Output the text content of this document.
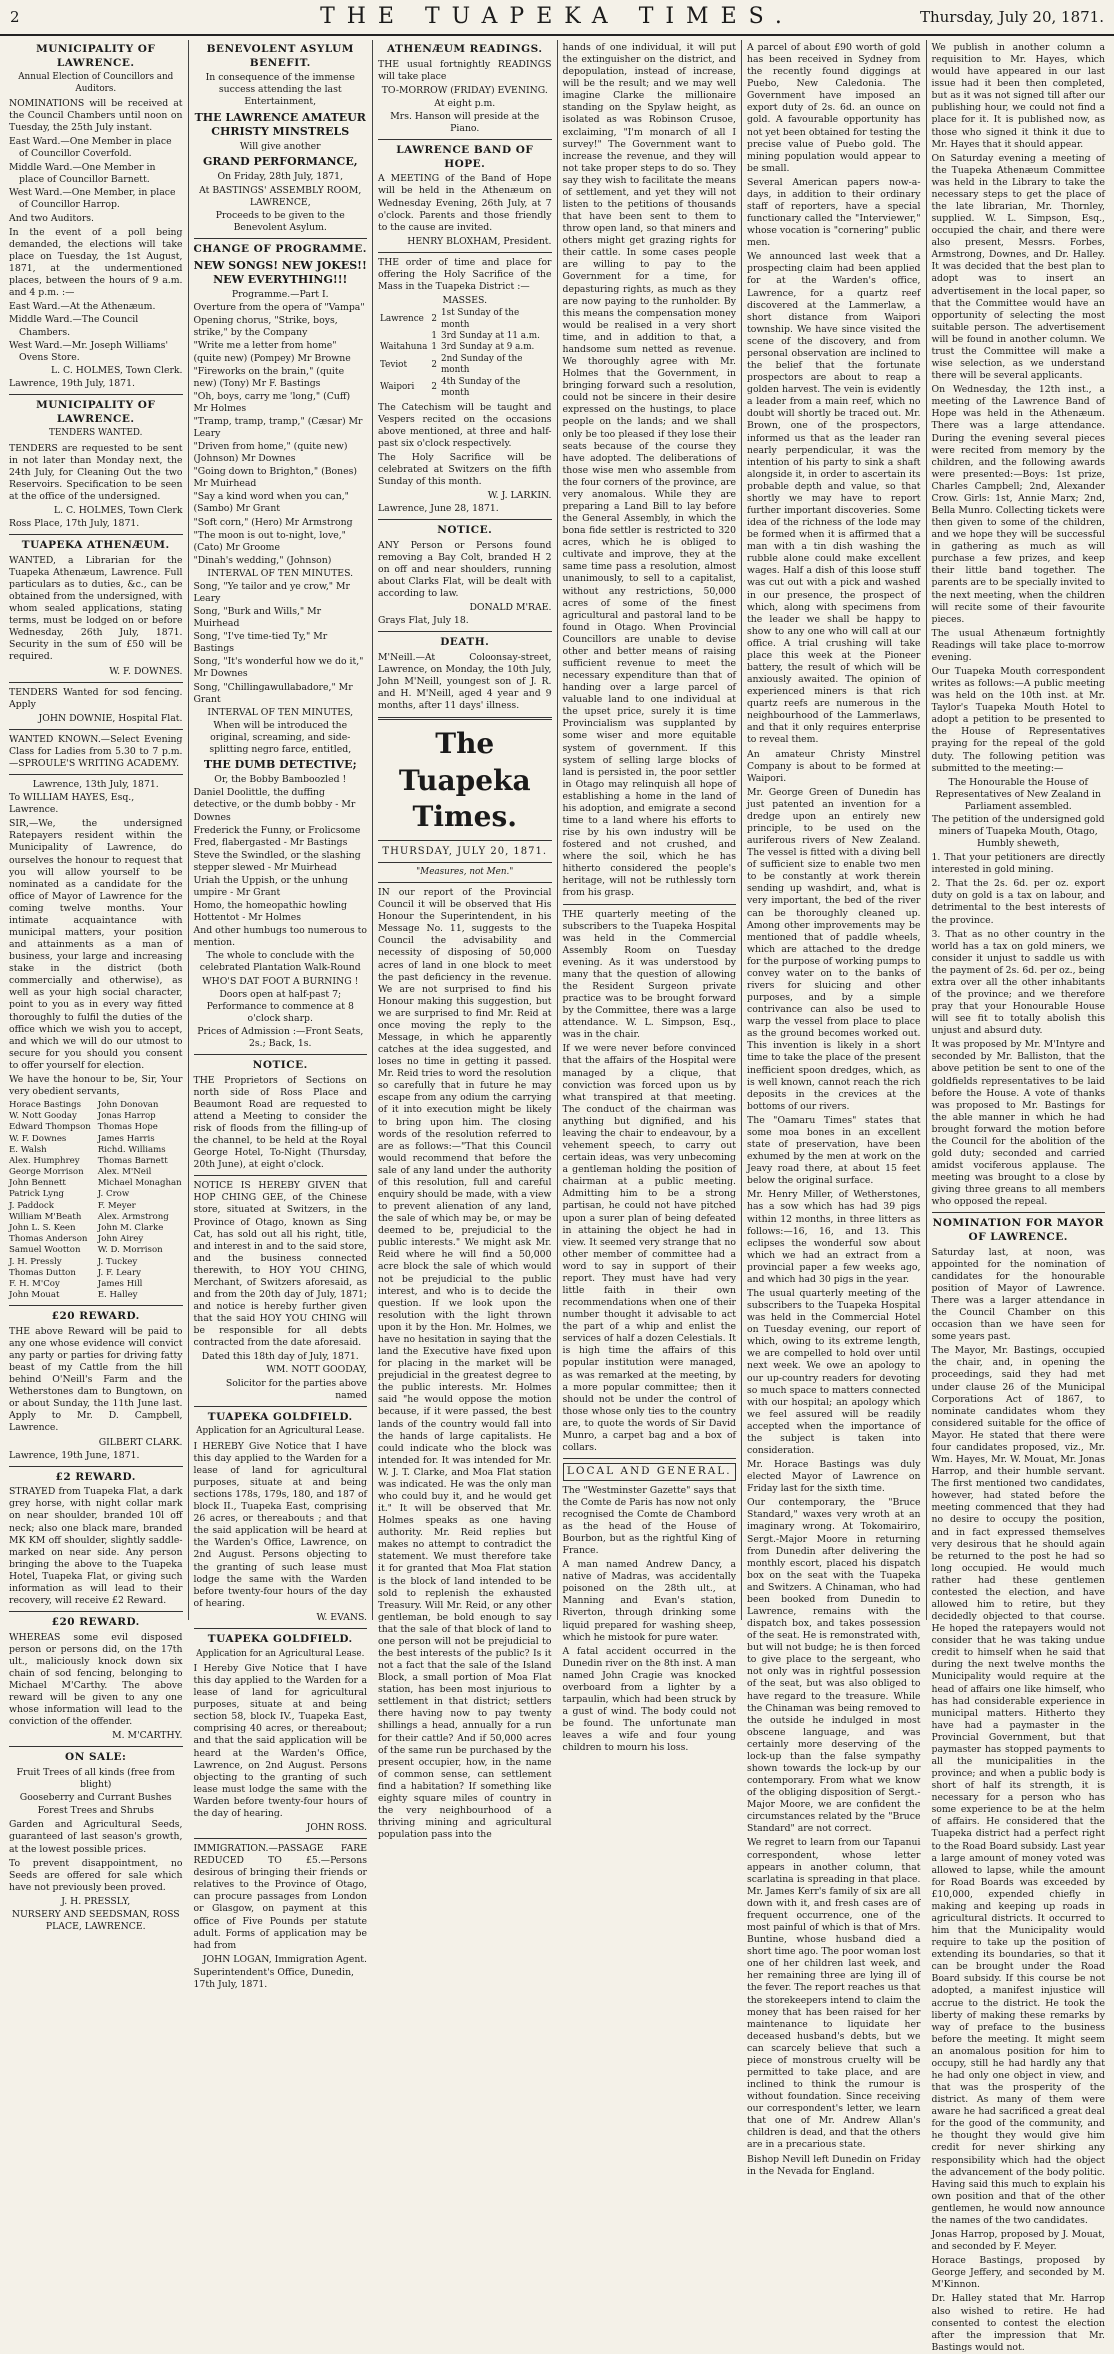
2	THE TUAPEKA TIMES.	Thursday, July 20, 1871.
MUNICIPALITY OF LAWRENCE.
Annual Election of Councillors and Auditors.

NOMINATIONS will be received at the Council Chambers until noon on Tuesday, the 25th July instant.

East Ward.—One Member in place of Councillor Coverfold.
Middle Ward.—One Member in place of Councillor Barnett.
West Ward.—One Member, in place of Councillor Harrop.

And two Auditors.

In the event of a poll being demanded, the elections will take place on Tuesday, the 1st August, 1871, at the undermentioned places, between the hours of 9 a.m. and 4 p.m. :—

East Ward.—At the Athenæum.
Middle Ward.—The Council Chambers.
West Ward.—Mr. Joseph Williams' Ovens Store.
L. C. HOLMES, Town Clerk.
Lawrence, 19th July, 1871.
MUNICIPALITY OF LAWRENCE.
TENDERS WANTED.

TENDERS are requested to be sent in not later than Monday next, the 24th July, for Cleaning Out the two Reservoirs. Specification to be seen at the office of the undersigned.

L. C. HOLMES, Town Clerk
Ross Place, 17th July, 1871.
TUAPEKA ATHENÆUM.

WANTED, a Librarian for the Tuapeka Athenæum, Lawrence. Full particulars as to duties, &c., can be obtained from the undersigned, with whom sealed applications, stating terms, must be lodged on or before Wednesday, 26th July, 1871. Security in the sum of £50 will be required.

W. F. DOWNES.

TENDERS Wanted for sod fencing. Apply

JOHN DOWNIE, Hospital Flat.

WANTED KNOWN.—Select Evening Class for Ladies from 5.30 to 7 p.m.—SPROULE'S WRITING ACADEMY.

Lawrence, 13th July, 1871.
To WILLIAM HAYES, Esq., Lawrence.

SIR,—We, the undersigned Ratepayers resident within the Municipality of Lawrence, do ourselves the honour to request that you will allow yourself to be nominated as a candidate for the office of Mayor of Lawrence for the coming twelve months. Your intimate acquaintance with municipal matters, your position and attainments as a man of business, your large and increasing stake in the district (both commercially and otherwise), as well as your high social character, point to you as in every way fitted thoroughly to fulfil the duties of the office which we wish you to accept, and which we will do our utmost to secure for you should you consent to offer yourself for election.

We have the honour to be, Sir, Your very obedient servants,

Horace Bastings	John Donovan
W. Nott Gooday	Jonas Harrop
Edward Thompson Thomas Hope
W. F. Downes	James Harris
E. Walsh	Richd. Williams
Alex. Humphrey	Thomas Barnett
George Morrison	Alex. M'Neil
John Bennett	Michael Monaghan
Patrick Lyng	J. Crow
J. Paddock	F. Meyer
William M'Beath	Alex. Armstrong
John L. S. Keen	John M. Clarke
Thomas Anderson	John Airey
Samuel Wootton	W. D. Morrison
J. H. Pressly	J. Tuckey
Thomas Dutton	J. F. Leary
F. H. M'Coy	James Hill
John Mouat	E. Halley
£20 REWARD.

THE above Reward will be paid to any one whose evidence will convict any party or parties for driving fatty beast of my Cattle from the hill behind O'Neill's Farm and the Wetherstones dam to Bungtown, on or about Sunday, the 11th June last. Apply to Mr. D. Campbell, Lawrence.

GILBERT CLARK.
Lawrence, 19th June, 1871.
£2 REWARD.

STRAYED from Tuapeka Flat, a dark grey horse, with night collar mark on near shoulder, branded 10l off neck; also one black mare, branded MK KM off shoulder, slightly saddle-marked on near side. Any person bringing the above to the Tuapeka Hotel, Tuapeka Flat, or giving such information as will lead to their recovery, will receive £2 Reward.

£20 REWARD.

WHEREAS some evil disposed person or persons did, on the 17th ult., maliciously knock down six chain of sod fencing, belonging to Michael M'Carthy. The above reward will be given to any one whose information will lead to the conviction of the offender.

M. M'CARTHY.
ON SALE:
Fruit Trees of all kinds (free from blight)
Gooseberry and Currant Bushes
Forest Trees and Shrubs

Garden and Agricultural Seeds, guaranteed of last season's growth, at the lowest possible prices.

To prevent disappointment, no Seeds are offered for sale which have not previously been proved.

J. H. PRESSLY,
NURSERY AND SEEDSMAN, ROSS PLACE, LAWRENCE.
BENEVOLENT ASYLUM BENEFIT.
In consequence of the immense success attending the last Entertainment,
THE LAWRENCE AMATEUR CHRISTY MINSTRELS
Will give another
GRAND PERFORMANCE,
On Friday, 28th July, 1871,
At BASTINGS' ASSEMBLY ROOM, LAWRENCE,
Proceeds to be given to the Benevolent Asylum.
CHANGE OF PROGRAMME.
NEW SONGS! NEW JOKES!! NEW EVERYTHING!!!
Programme.—Part I.
Overture from the opera of "Vampa"
Opening chorus, "Strike, boys, strike," by the Company
"Write me a letter from home" (quite new) (Pompey) Mr Browne
"Fireworks on the brain," (quite new) (Tony) Mr F. Bastings
"Oh, boys, carry me 'long," (Cuff) Mr Holmes
"Tramp, tramp, tramp," (Cæsar) Mr Leary
"Driven from home," (quite new) (Johnson) Mr Downes
"Going down to Brighton," (Bones) Mr Muirhead
"Say a kind word when you can," (Sambo) Mr Grant
"Soft corn," (Hero) Mr Armstrong
"The moon is out to-night, love," (Cato) Mr Groome
"Dinah's wedding," (Johnson)
INTERVAL OF TEN MINUTES.
Song, "Ye tailor and ye crow," Mr Leary
Song, "Burk and Wills," Mr Muirhead
Song, "I've time-tied Ty," Mr Bastings
Song, "It's wonderful how we do it," Mr Downes
Song, "Chillingawullabadore," Mr Grant
INTERVAL OF TEN MINUTES,
When will be introduced the original, screaming, and side-splitting negro farce, entitled,
THE DUMB DETECTIVE;
Or, the Bobby Bamboozled !
Daniel Doolittle, the duffing detective, or the dumb bobby - Mr Downes
Frederick the Funny, or Frolicsome Fred, flabergasted - Mr Bastings
Steve the Swindled, or the slashing stepper slewed - Mr Muirhead
Uriah the Uppish, or the unhung umpire - Mr Grant
Homo, the homeopathic howling Hottentot - Mr Holmes
And other humbugs too numerous to mention.
The whole to conclude with the celebrated Plantation Walk-Round
WHO'S DAT FOOT A BURNING !
Doors open at half-past 7; Performance to commence at 8 o'clock sharp.
Prices of Admission :—Front Seats, 2s.; Back, 1s.
NOTICE.

THE Proprietors of Sections on north side of Ross Place and Beaumont Road are requested to attend a Meeting to consider the risk of floods from the filling-up of the channel, to be held at the Royal George Hotel, To-Night (Thursday, 20th June), at eight o'clock.

NOTICE IS HEREBY GIVEN that HOP CHING GEE, of the Chinese store, situated at Switzers, in the Province of Otago, known as Sing Cat, has sold out all his right, title, and interest in and to the said store, and the business connected therewith, to HOY YOU CHING, Merchant, of Switzers aforesaid, as and from the 20th day of July, 1871; and notice is hereby further given that the said HOY YOU CHING will be responsible for all debts contracted from the date aforesaid.

Dated this 18th day of July, 1871.
WM. NOTT GOODAY,
Solicitor for the parties above named
TUAPEKA GOLDFIELD.
Application for an Agricultural Lease.

I HEREBY Give Notice that I have this day applied to the Warden for a lease of land for agricultural purposes, situate at and being sections 178s, 179s, 180, and 187 of block II., Tuapeka East, comprising 26 acres, or thereabouts ; and that the said application will be heard at the Warden's Office, Lawrence, on 2nd August. Persons objecting to the granting of such lease must lodge the same with the Warden before twenty-four hours of the day of hearing.

W. EVANS.
TUAPEKA GOLDFIELD.
Application for an Agricultural Lease.

I Hereby Give Notice that I have this day applied to the Warden for a lease of land for agricultural purposes, situate at and being section 58, block IV., Tuapeka East, comprising 40 acres, or thereabout; and that the said application will be heard at the Warden's Office, Lawrence, on 2nd August. Persons objecting to the granting of such lease must lodge the same with the Warden before twenty-four hours of the day of hearing.

JOHN ROSS.

IMMIGRATION.—PASSAGE FARE REDUCED TO £5.—Persons desirous of bringing their friends or relatives to the Province of Otago, can procure passages from London or Glasgow, on payment at this office of Five Pounds per statute adult. Forms of application may be had from

JOHN LOGAN, Immigration Agent.
Superintendent's Office, Dunedin, 17th July, 1871.
ATHENÆUM READINGS.

THE usual fortnightly READINGS will take place

TO-MORROW (FRIDAY) EVENING.
At eight p.m.
Mrs. Hanson will preside at the Piano.
LAWRENCE BAND OF HOPE.

A MEETING of the Band of Hope will be held in the Athenæum on Wednesday Evening, 26th July, at 7 o'clock. Parents and those friendly to the cause are invited.

HENRY BLOXHAM, President.

THE order of time and place for offering the Holy Sacrifice of the Mass in the Tuapeka District :—

MASSES.
Lawrence	2	1st Sunday of the month
	1	3rd Sunday at 11 a.m.
Waitahuna	1	3rd Sunday at 9 a.m.
Teviot	2	2nd Sunday of the month
Waipori	2	4th Sunday of the month

The Catechism will be taught and Vespers recited on the occasions above mentioned, at three and half-past six o'clock respectively.

The Holy Sacrifice will be celebrated at Switzers on the fifth Sunday of this month.

W. J. LARKIN.
Lawrence, June 28, 1871.
NOTICE.

ANY Person or Persons found removing a Bay Colt, branded H 2 on off and near shoulders, running about Clarks Flat, will be dealt with according to law.

DONALD M'RAE.
Grays Flat, July 18.
DEATH.

M'Neill.—At Coloonsay-street, Lawrence, on Monday, the 10th July, John M'Neill, youngest son of J. R. and H. M'Neill, aged 4 year and 9 months, after 11 days' illness.

The Tuapeka Times.
THURSDAY, JULY 20, 1871.
"Measures, not Men."

IN our report of the Provincial Council it will be observed that His Honour the Superintendent, in his Message No. 11, suggests to the Council the advisability and necessity of disposing of 50,000 acres of land in one block to meet the past deficiency in the revenue. We are not surprised to find his Honour making this suggestion, but we are surprised to find Mr. Reid at once moving the reply to the Message, in which he apparently catches at the idea suggested, and loses no time in getting it passed. Mr. Reid tries to word the resolution so carefully that in future he may escape from any odium the carrying of it into execution might be likely to bring upon him. The closing words of the resolution referred to are as follows:—"That this Council would recommend that before the sale of any land under the authority of this resolution, full and careful enquiry should be made, with a view to prevent alienation of any land, the sale of which may be, or may be deemed to be, prejudicial to the public interests." We might ask Mr. Reid where he will find a 50,000 acre block the sale of which would not be prejudicial to the public interest, and who is to decide the question. If we look upon the resolution with the light thrown upon it by the Hon. Mr. Holmes, we have no hesitation in saying that the land the Executive have fixed upon for placing in the market will be prejudicial in the greatest degree to the public interests. Mr. Holmes said "he would oppose the motion because, if it were passed, the best lands of the country would fall into the hands of large capitalists. He could indicate who the block was intended for. It was intended for Mr. W. J. T. Clarke, and Moa Flat station was indicated. He was the only man who could buy it, and he would get it." It will be observed that Mr. Holmes speaks as one having authority. Mr. Reid replies but makes no attempt to contradict the statement. We must therefore take it for granted that Moa Flat station is the block of land intended to be sold to replenish the exhausted Treasury. Will Mr. Reid, or any other gentleman, be bold enough to say that the sale of that block of land to one person will not be prejudicial to the best interests of the public? Is it not a fact that the sale of the Island Block, a small portion of Moa Flat station, has been most injurious to settlement in that district; settlers there having now to pay twenty shillings a head, annually for a run for their cattle? And if 50,000 acres of the same run be purchased by the present occupier, how, in the name of common sense, can settlement find a habitation? If something like eighty square miles of country in the very neighbourhood of a thriving mining and agricultural population pass into the

hands of one individual, it will put the extinguisher on the district, and depopulation, instead of increase, will be the result; and we may well imagine Clarke the millionaire standing on the Spylaw height, as isolated as was Robinson Crusoe, exclaiming, "I'm monarch of all I survey!" The Government want to increase the revenue, and they will not take proper steps to do so. They say they wish to facilitate the means of settlement, and yet they will not listen to the petitions of thousands that have been sent to them to throw open land, so that miners and others might get grazing rights for their cattle. In some cases people are willing to pay to the Government for a time, for depasturing rights, as much as they are now paying to the runholder. By this means the compensation money would be realised in a very short time, and in addition to that, a handsome sum netted as revenue. We thoroughly agree with Mr. Holmes that the Government, in bringing forward such a resolution, could not be sincere in their desire expressed on the hustings, to place people on the lands; and we shall only be too pleased if they lose their seats because of the course they have adopted. The deliberations of those wise men who assemble from the four corners of the province, are very anomalous. While they are preparing a Land Bill to lay before the General Assembly, in which the bona fide settler is restricted to 320 acres, which he is obliged to cultivate and improve, they at the same time pass a resolution, almost unanimously, to sell to a capitalist, without any restrictions, 50,000 acres of some of the finest agricultural and pastoral land to be found in Otago. When Provincial Councillors are unable to devise other and better means of raising sufficient revenue to meet the necessary expenditure than that of handing over a large parcel of valuable land to one individual at the upset price, surely it is time Provincialism was supplanted by some wiser and more equitable system of government. If this system of selling large blocks of land is persisted in, the poor settler in Otago may relinquish all hope of establishing a home in the land of his adoption, and emigrate a second time to a land where his efforts to rise by his own industry will be fostered and not crushed, and where the soil, which he has hitherto considered the people's heritage, will not be ruthlessly torn from his grasp.

THE quarterly meeting of the subscribers to the Tuapeka Hospital was held in the Commercial Assembly Room on Tuesday evening. As it was understood by many that the question of allowing the Resident Surgeon private practice was to be brought forward by the Committee, there was a large attendance. W. L. Simpson, Esq., was in the chair.

If we were never before convinced that the affairs of the Hospital were managed by a clique, that conviction was forced upon us by what transpired at that meeting. The conduct of the chairman was anything but dignified, and his leaving the chair to endeavour, by a vehement speech, to carry out certain ideas, was very unbecoming a gentleman holding the position of chairman at a public meeting. Admitting him to be a strong partisan, he could not have pitched upon a surer plan of being defeated in attaining the object he had in view. It seemed very strange that no other member of committee had a word to say in support of their report. They must have had very little faith in their own recommendations when one of their number thought it advisable to act the part of a whip and enlist the services of half a dozen Celestials. It is high time the affairs of this popular institution were managed, as was remarked at the meeting, by a more popular committee; then it should not be under the control of those whose only ties to the country are, to quote the words of Sir David Munro, a carpet bag and a box of collars.

LOCAL AND GENERAL.

The "Westminster Gazette" says that the Comte de Paris has now not only recognised the Comte de Chambord as the head of the House of Bourbon, but as the rightful King of France.

A man named Andrew Dancy, a native of Madras, was accidentally poisoned on the 28th ult., at Manning and Evan's station, Riverton, through drinking some liquid prepared for washing sheep, which he mistook for pure water.

A fatal accident occurred in the Dunedin river on the 8th inst. A man named John Cragie was knocked overboard from a lighter by a tarpaulin, which had been struck by a gust of wind. The body could not be found. The unfortunate man leaves a wife and four young children to mourn his loss.

A parcel of about £90 worth of gold has been received in Sydney from the recently found diggings at Puebo, New Caledonia. The Government have imposed an export duty of 2s. 6d. an ounce on gold. A favourable opportunity has not yet been obtained for testing the precise value of Puebo gold. The mining population would appear to be small.

Several American papers now-a-days, in addition to their ordinary staff of reporters, have a special functionary called the "Interviewer," whose vocation is "cornering" public men.

We announced last week that a prospecting claim had been applied for at the Warden's office, Lawrence, for a quartz reef discovered at the Lammerlaw, a short distance from Waipori township. We have since visited the scene of the discovery, and from personal observation are inclined to the belief that the fortunate prospectors are about to reap a golden harvest. The vein is evidently a leader from a main reef, which no doubt will shortly be traced out. Mr. Brown, one of the prospectors, informed us that as the leader ran nearly perpendicular, it was the intention of his party to sink a shaft alongside it, in order to ascertain its probable depth and value, so that shortly we may have to report further important discoveries. Some idea of the richness of the lode may be formed when it is affirmed that a man with a tin dish washing the rubble alone could make excellent wages. Half a dish of this loose stuff was cut out with a pick and washed in our presence, the prospect of which, along with specimens from the leader we shall be happy to show to any one who will call at our office. A trial crushing will take place this week at the Pioneer battery, the result of which will be anxiously awaited. The opinion of experienced miners is that rich quartz reefs are numerous in the neighbourhood of the Lammerlaws, and that it only requires enterprise to reveal them.

An amateur Christy Minstrel Company is about to be formed at Waipori.

Mr. George Green of Dunedin has just patented an invention for a dredge upon an entirely new principle, to be used on the auriferous rivers of New Zealand. The vessel is fitted with a diving bell of sufficient size to enable two men to be constantly at work therein sending up washdirt, and, what is very important, the bed of the river can be thoroughly cleaned up. Among other improvements may be mentioned that of paddle wheels, which are attached to the dredge for the purpose of working pumps to convey water on to the banks of rivers for sluicing and other purposes, and by a simple contrivance can also be used to warp the vessel from place to place as the ground becomes worked out. This invention is likely in a short time to take the place of the present inefficient spoon dredges, which, as is well known, cannot reach the rich deposits in the crevices at the bottoms of our rivers.

The "Oamaru Times" states that some moa bones in an excellent state of preservation, have been exhumed by the men at work on the Jeavy road there, at about 15 feet below the original surface.

Mr. Henry Miller, of Wetherstones, has a sow which has had 39 pigs within 12 months, in three litters as follows:—16, 16, and 13. This eclipses the wonderful sow about which we had an extract from a provincial paper a few weeks ago, and which had 30 pigs in the year.

The usual quarterly meeting of the subscribers to the Tuapeka Hospital was held in the Commercial Hotel on Tuesday evening, our report of which, owing to its extreme length, we are compelled to hold over until next week. We owe an apology to our up-country readers for devoting so much space to matters connected with our hospital; an apology which we feel assured will be readily accepted when the importance of the subject is taken into consideration.

Mr. Horace Bastings was duly elected Mayor of Lawrence on Friday last for the sixth time.

Our contemporary, the "Bruce Standard," waxes very wroth at an imaginary wrong. At Tokomairiro, Sergt.-Major Moore in returning from Dunedin after delivering the monthly escort, placed his dispatch box on the seat with the Tuapeka and Switzers. A Chinaman, who had been booked from Dunedin to Lawrence, remains with the dispatch box, and takes possession of the seat. He is remonstrated with, but will not budge; he is then forced to give place to the sergeant, who not only was in rightful possession of the seat, but was also obliged to have regard to the treasure. While the Chinaman was being removed to the outside he indulged in most obscene language, and was certainly more deserving of the lock-up than the false sympathy shown towards the lock-up by our contemporary. From what we know of the obliging disposition of Sergt.-Major Moore, we are confident the circumstances related by the "Bruce Standard" are not correct.

We regret to learn from our Tapanui correspondent, whose letter appears in another column, that scarlatina is spreading in that place. Mr. James Kerr's family of six are all down with it, and fresh cases are of frequent occurrence, one of the most painful of which is that of Mrs. Buntine, whose husband died a short time ago. The poor woman lost one of her children last week, and her remaining three are lying ill of the fever. The report reaches us that the storekeepers intend to claim the money that has been raised for her maintenance to liquidate her deceased husband's debts, but we can scarcely believe that such a piece of monstrous cruelty will be permitted to take place, and are inclined to think the rumour is without foundation. Since receiving our correspondent's letter, we learn that one of Mr. Andrew Allan's children is dead, and that the others are in a precarious state.

Bishop Nevill left Dunedin on Friday in the Nevada for England.

We publish in another column a requisition to Mr. Hayes, which would have appeared in our last issue had it been then completed, but as it was not signed till after our publishing hour, we could not find a place for it. It is published now, as those who signed it think it due to Mr. Hayes that it should appear.

On Saturday evening a meeting of the Tuapeka Athenæum Committee was held in the Library to take the necessary steps to get the place of the late librarian, Mr. Thornley, supplied. W. L. Simpson, Esq., occupied the chair, and there were also present, Messrs. Forbes, Armstrong, Downes, and Dr. Halley. It was decided that the best plan to adopt was to insert an advertisement in the local paper, so that the Committee would have an opportunity of selecting the most suitable person. The advertisement will be found in another column. We trust the Committee will make a wise selection, as we understand there will be several applicants.

On Wednesday, the 12th inst., a meeting of the Lawrence Band of Hope was held in the Athenæum. There was a large attendance. During the evening several pieces were recited from memory by the children, and the following awards were presented:—Boys: 1st prize, Charles Campbell; 2nd, Alexander Crow. Girls: 1st, Annie Marx; 2nd, Bella Munro. Collecting tickets were then given to some of the children, and we hope they will be successful in gathering as much as will purchase a few prizes, and keep their little band together. The parents are to be specially invited to the next meeting, when the children will recite some of their favourite pieces.

The usual Athenæum fortnightly Readings will take place to-morrow evening.

Our Tuapeka Mouth correspondent writes as follows:—A public meeting was held on the 10th inst. at Mr. Taylor's Tuapeka Mouth Hotel to adopt a petition to be presented to the House of Representatives praying for the repeal of the gold duty. The following petition was submitted to the meeting:—

The Honourable the House of Representatives of New Zealand in Parliament assembled.
The petition of the undersigned gold miners of Tuapeka Mouth, Otago, Humbly sheweth,

1. That your petitioners are directly interested in gold mining.

2. That the 2s. 6d. per oz. export duty on gold is a tax on labour, and detrimental to the best interests of the province.

3. That as no other country in the world has a tax on gold miners, we consider it unjust to saddle us with the payment of 2s. 6d. per oz., being extra over all the other inhabitants of the province; and we therefore pray that your Honourable House will see fit to totally abolish this unjust and absurd duty.

It was proposed by Mr. M'Intyre and seconded by Mr. Balliston, that the above petition be sent to one of the goldfields representatives to be laid before the House. A vote of thanks was proposed to Mr. Bastings for the able manner in which he had brought forward the motion before the Council for the abolition of the gold duty; seconded and carried amidst vociferous applause. The meeting was brought to a close by giving three greans to all members who opposed the repeal.

NOMINATION FOR MAYOR OF LAWRENCE.

Saturday last, at noon, was appointed for the nomination of candidates for the honourable position of Mayor of Lawrence. There was a larger attendance in the Council Chamber on this occasion than we have seen for some years past.

The Mayor, Mr. Bastings, occupied the chair, and, in opening the proceedings, said they had met under clause 26 of the Municipal Corporations Act of 1867, to nominate candidates whom they considered suitable for the office of Mayor. He stated that there were four candidates proposed, viz., Mr. Wm. Hayes, Mr. W. Mouat, Mr. Jonas Harrop, and their humble servant. The first mentioned two candidates, however, had stated before the meeting commenced that they had no desire to occupy the position, and in fact expressed themselves very desirous that he should again be returned to the post he had so long occupied. He would much rather had these gentlemen contested the election, and have allowed him to retire, but they decidedly objected to that course. He hoped the ratepayers would not consider that he was taking undue credit to himself when he said that during the next twelve months the Municipality would require at the head of affairs one like himself, who has had considerable experience in municipal matters. Hitherto they have had a paymaster in the Provincial Government, but that paymaster has stopped payments to all the municipalities in the province; and when a public body is short of half its strength, it is necessary for a person who has some experience to be at the helm of affairs. He considered that the Tuapeka district had a perfect right to the Road Board subsidy. Last year a large amount of money voted was allowed to lapse, while the amount for Road Boards was exceeded by £10,000, expended chiefly in making and keeping up roads in agricultural districts. It occurred to him that the Municipality would require to take up the position of extending its boundaries, so that it can be brought under the Road Board subsidy. If this course be not adopted, a manifest injustice will accrue to the district. He took the liberty of making these remarks by way of preface to the business before the meeting. It might seem an anomalous position for him to occupy, still he had hardly any that he had only one object in view, and that was the prosperity of the district. As many of them were aware he had sacrificed a great deal for the good of the community, and he thought they would give him credit for never shirking any responsibility which had the object the advancement of the body politic. Having said this much to explain his own position and that of the other gentlemen, he would now announce the names of the two candidates.

Jonas Harrop, proposed by J. Mouat, and seconded by F. Meyer.

Horace Bastings, proposed by George Jeffery, and seconded by M. M'Kinnon.

Dr. Halley stated that Mr. Harrop also wished to retire. He had consented to contest the election after the impression that Mr. Bastings would not.
